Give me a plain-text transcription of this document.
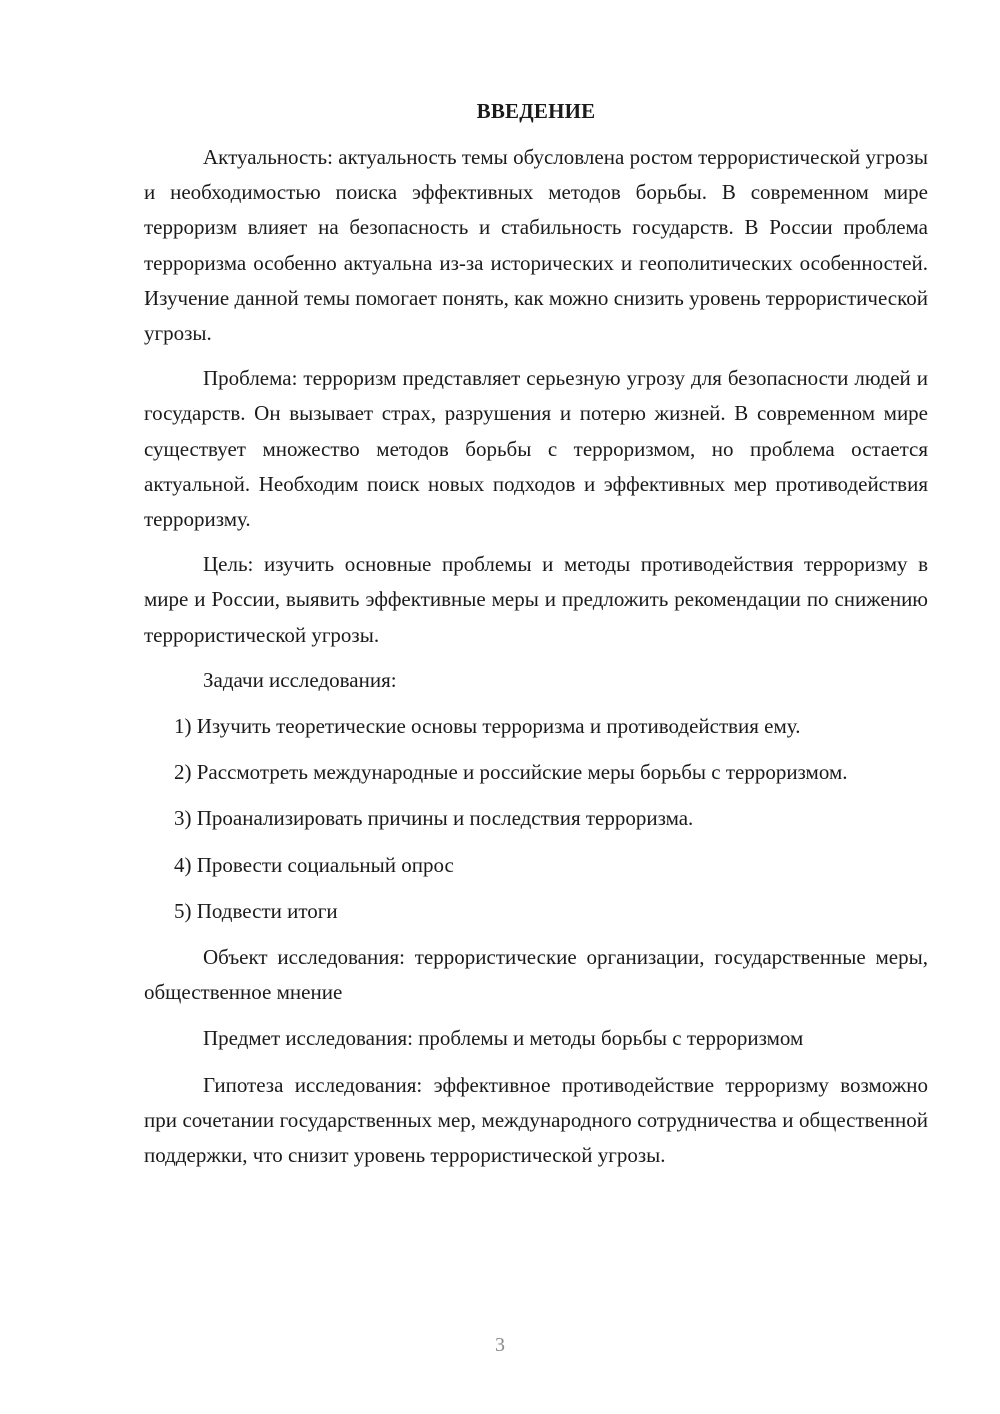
ВВЕДЕНИЕ

Актуальность: актуальность темы обусловлена ростом террористической угрозы и необходимостью поиска эффективных методов борьбы. В современном мире терроризм влияет на безопасность и стабильность государств. В России проблема терроризма особенно актуальна из-за исторических и геополитических особенностей. Изучение данной темы помогает понять, как можно снизить уровень террористической угрозы.

Проблема: терроризм представляет серьезную угрозу для безопасности людей и государств. Он вызывает страх, разрушения и потерю жизней. В современном мире существует множество методов борьбы с терроризмом, но проблема остается актуальной. Необходим поиск новых подходов и эффективных мер противодействия терроризму.

Цель: изучить основные проблемы и методы противодействия терроризму в мире и России, выявить эффективные меры и предложить рекомендации по снижению террористической угрозы.

Задачи исследования:

1) Изучить теоретические основы терроризма и противодействия ему.

2) Рассмотреть международные и российские меры борьбы с терроризмом.

3) Проанализировать причины и последствия терроризма.

4) Провести социальный опрос

5) Подвести итоги

Объект исследования: террористические организации, государственные меры, общественное мнение

Предмет исследования: проблемы и методы борьбы с терроризмом

Гипотеза исследования: эффективное противодействие терроризму возможно при сочетании государственных мер, международного сотрудничества и общественной поддержки, что снизит уровень террористической угрозы.

3
